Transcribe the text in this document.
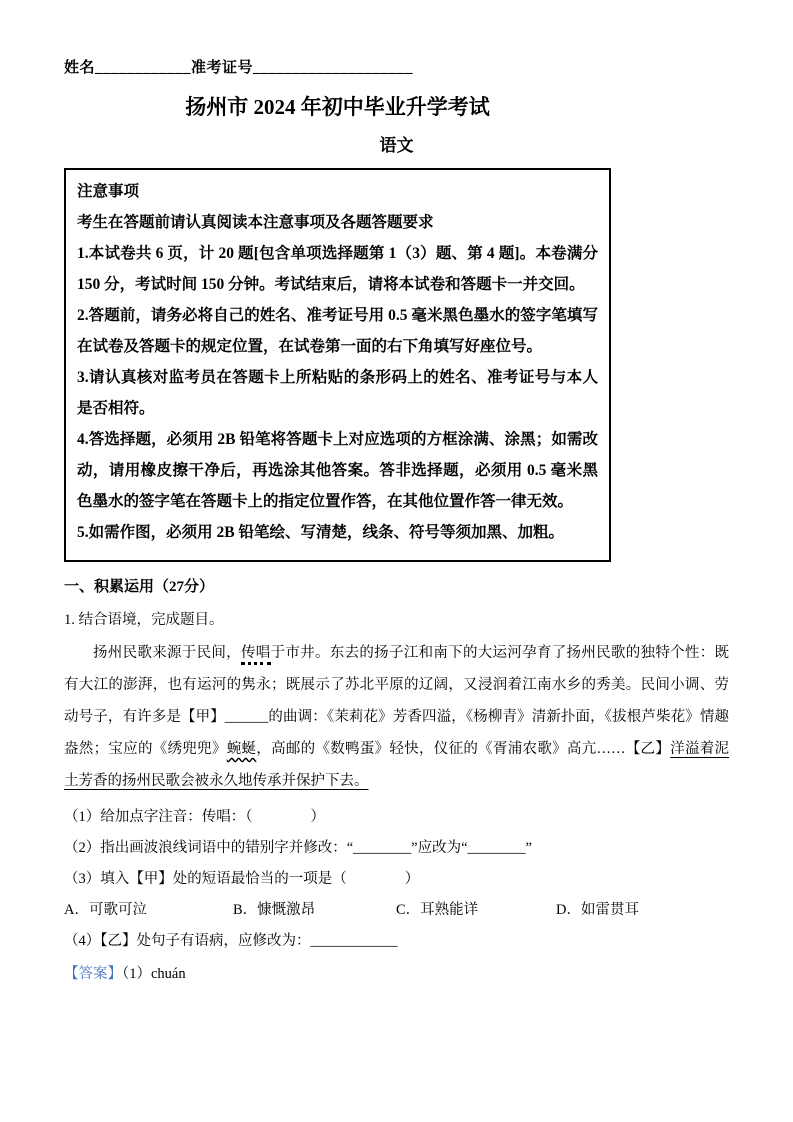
姓名____________准考证号____________________
扬州市 2024 年初中毕业升学考试
语文
注意事项
考生在答题前请认真阅读本注意事项及各题答题要求
1.本试卷共 6 页，计 20 题[包含单项选择题第 1（3）题、第 4 题]。本卷满分 150 分，考试时间 150 分钟。考试结束后，请将本试卷和答题卡一并交回。
2.答题前，请务必将自己的姓名、准考证号用 0.5 毫米黑色墨水的签字笔填写在试卷及答题卡的规定位置，在试卷第一面的右下角填写好座位号。
3.请认真核对监考员在答题卡上所粘贴的条形码上的姓名、准考证号与本人是否相符。
4.答选择题，必须用 2B 铅笔将答题卡上对应选项的方框涂满、涂黑；如需改动，请用橡皮擦干净后，再选涂其他答案。答非选择题，必须用 0.5 毫米黑色墨水的签字笔在答题卡上的指定位置作答，在其他位置作答一律无效。
5.如需作图，必须用 2B 铅笔绘、写清楚，线条、符号等须加黑、加粗。
一、积累运用（27分）
1. 结合语境，完成题目。

扬州民歌来源于民间，传唱于市井。东去的扬子江和南下的大运河孕育了扬州民歌的独特个性：既有大江的澎湃，也有运河的隽永；既展示了苏北平原的辽阔，又浸润着江南水乡的秀美。民间小调、劳动号子，有许多是【甲】______的曲调：《茉莉花》芳香四溢，《杨柳青》清新扑面，《拔根芦柴花》情趣盎然；宝应的《绣兜兜》蜿蜒，高邮的《数鸭蛋》轻快，仪征的《胥浦农歌》高亢……【乙】洋溢着泥土芳香的扬州民歌会被永久地传承并保护下去。

（1）给加点字注音：传唱：（　　　　）
（2）指出画波浪线词语中的错别字并修改：“________”应改为“________”
（3）填入【甲】处的短语最恰当的一项是（　　　　）
A．可歌可泣	B．慷慨激昂	C．耳熟能详	D．如雷贯耳
（4）【乙】处句子有语病，应修改为：____________
【答案】（1）chuán
